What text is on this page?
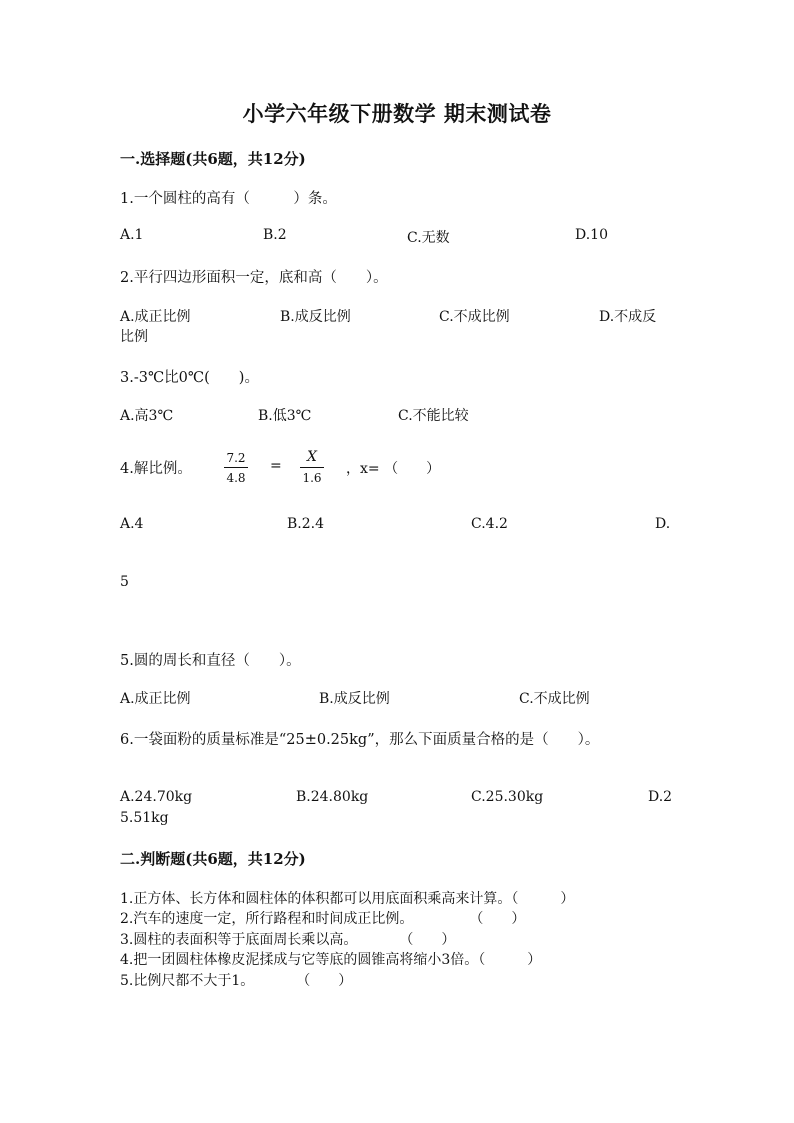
小学六年级下册数学 期末测试卷
一.选择题(共6题，共12分)
1.一个圆柱的高有（　　　）条。
A.1	B.2	C.无数	D.10
2.平行四边形面积一定，底和高（　　）。
A.成正比例	B.成反比例	C.不成比例	D.不成反
比例
3.-3℃比0℃(　　)。
A.高3℃	B.低3℃	C.不能比较
4.解比例。
7.2
4.8
=
X
1.6
，x= （　　）
A.4	B.2.4	C.4.2	D.
5
5.圆的周长和直径（　　）。
A.成正比例	B.成反比例	C.不成比例
6.一袋面粉的质量标准是“25±0.25kg”，那么下面质量合格的是（　　）。
A.24.70kg	B.24.80kg	C.25.30kg	D.2
5.51kg
二.判断题(共6题，共12分)
1.正方体、长方体和圆柱体的体积都可以用底面积乘高来计算。（　　　）
2.汽车的速度一定，所行路程和时间成正比例。　　　　　（　　）
3.圆柱的表面积等于底面周长乘以高。　　　　（　　）
4.把一团圆柱体橡皮泥揉成与它等底的圆锥高将缩小3倍。（　　　）
5.比例尺都不大于1。　　　　（　　）
